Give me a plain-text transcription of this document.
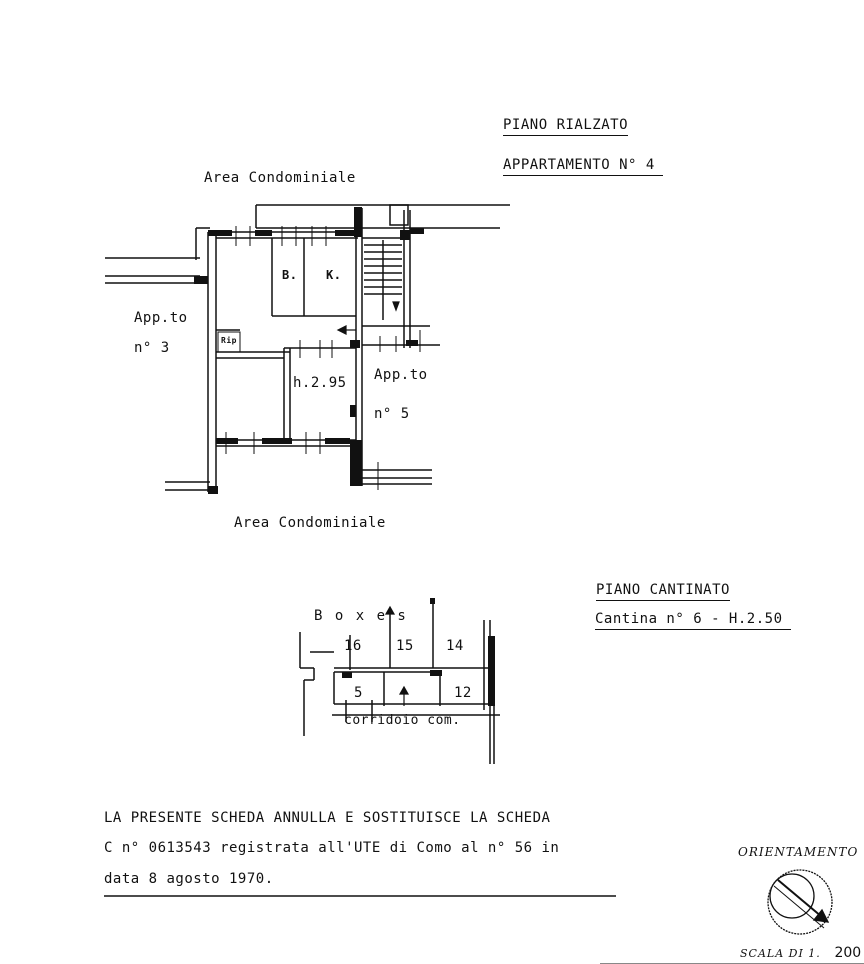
PIANO RIALZATO
APPARTAMENTO N° 4
Area Condominiale
Area Condominiale
App.to
n° 3
App.to
n° 5
B. K.
Rip
h.2.95
PIANO CANTINATO
Cantina n° 6 - H.2.50
B o x e s
16 15 14
5	12
corridoio com.
LA PRESENTE SCHEDA ANNULLA E SOSTITUISCE LA SCHEDA
C n° 0613543 registrata all'UTE di Como al n° 56 in
data 8 agosto 1970.
ORIENTAMENTO
SCALA DI 1. 200
